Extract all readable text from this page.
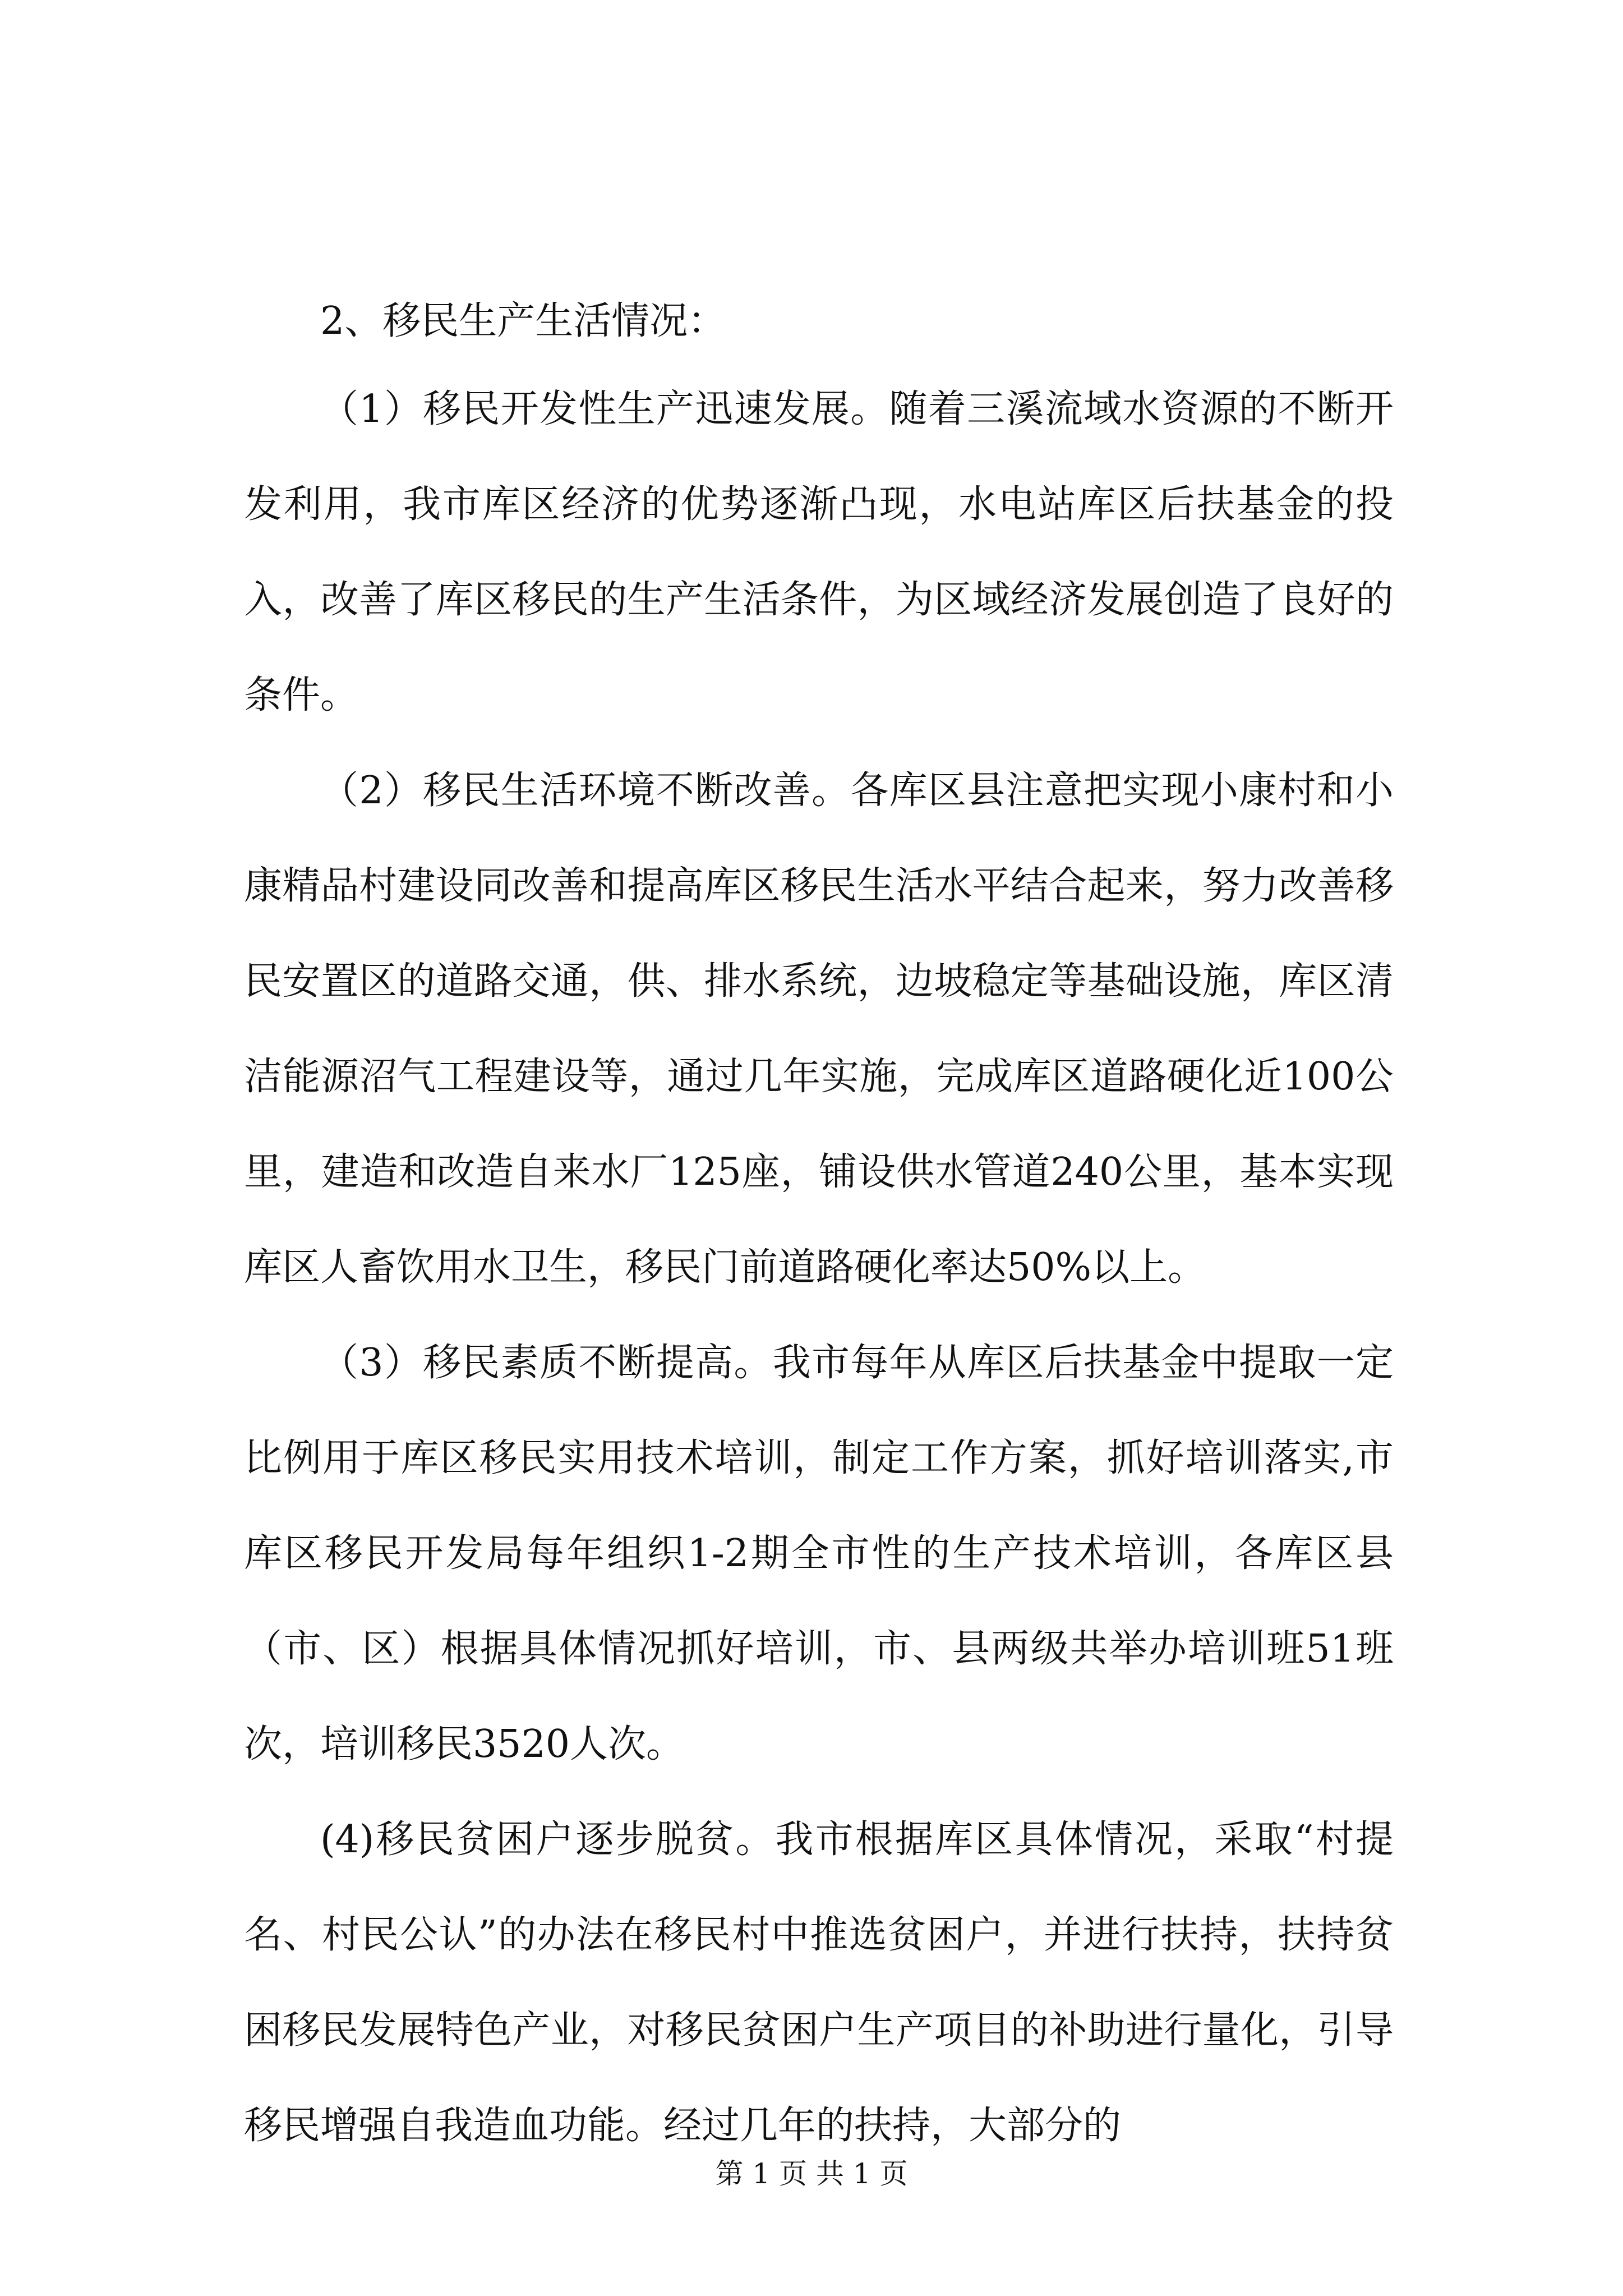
2、移民生产生活情况：

（1）移民开发性生产迅速发展。随着三溪流域水资源的不断开发利用，我市库区经济的优势逐渐凸现，水电站库区后扶基金的投入，改善了库区移民的生产生活条件，为区域经济发展创造了良好的条件。

（2）移民生活环境不断改善。各库区县注意把实现小康村和小康精品村建设同改善和提高库区移民生活水平结合起来，努力改善移民安置区的道路交通，供、排水系统，边坡稳定等基础设施，库区清洁能源沼气工程建设等，通过几年实施，完成库区道路硬化近100公里，建造和改造自来水厂125座，铺设供水管道240公里，基本实现库区人畜饮用水卫生，移民门前道路硬化率达50%以上。

（3）移民素质不断提高。我市每年从库区后扶基金中提取一定比例用于库区移民实用技术培训，制定工作方案，抓好培训落实,市库区移民开发局每年组织1-2期全市性的生产技术培训，各库区县（市、区）根据具体情况抓好培训，市、县两级共举办培训班51班次，培训移民3520人次。

(4)移民贫困户逐步脱贫。我市根据库区具体情况，采取“村提名、村民公认”的办法在移民村中推选贫困户，并进行扶持，扶持贫困移民发展特色产业，对移民贫困户生产项目的补助进行量化，引导移民增强自我造血功能。经过几年的扶持，大部分的

第 1 页 共 1 页
